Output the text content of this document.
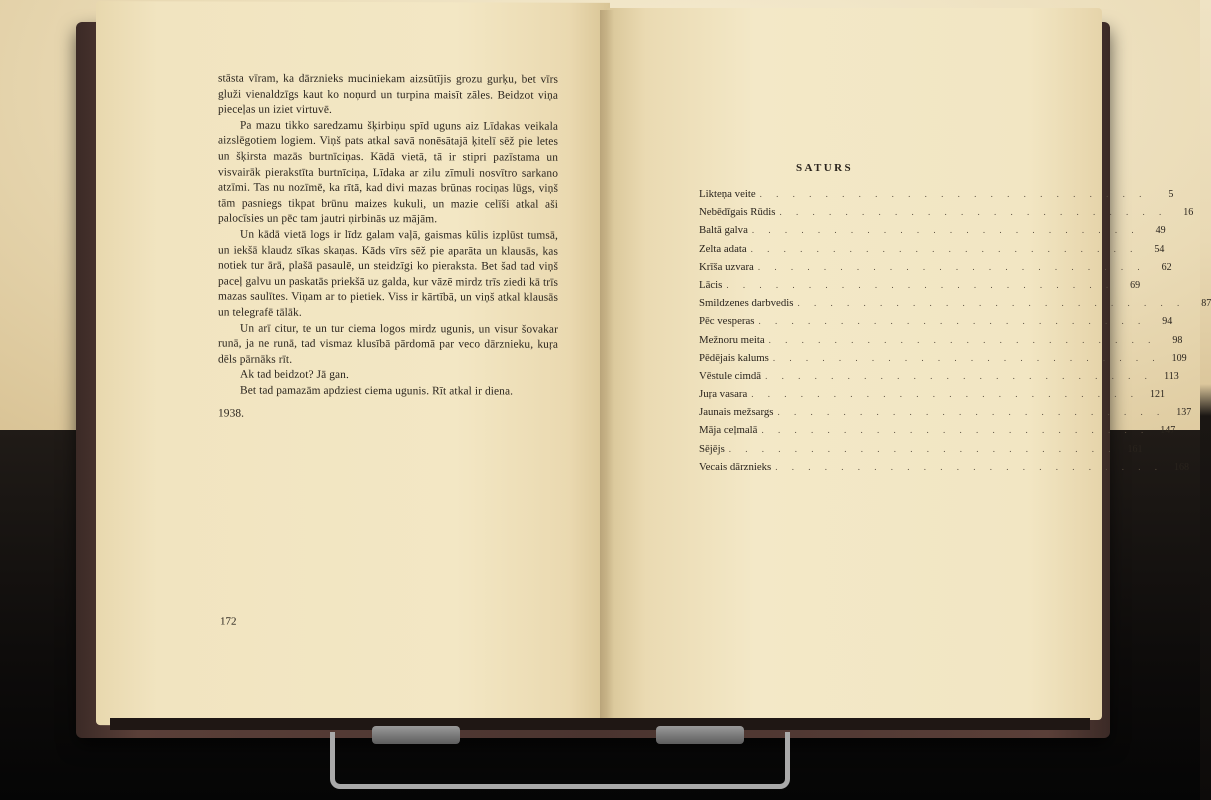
stāsta vīram, ka dārznieks muciniekam aizsūtījis grozu gurķu, bet vīrs gluži vienaldzīgs kaut ko noņurd un turpina maisīt zāles. Beidzot viņa pieceļas un iziet virtuvē.

Pa mazu tikko saredzamu šķirbiņu spīd uguns aiz Līdakas veikala aizslēgotiem logiem. Viņš pats atkal savā nonēsātajā ķitelī sēž pie letes un šķirsta mazās burtnīciņas. Kādā vietā, tā ir stipri pazīstama un visvairāk pierakstīta burtnīciņa, Līdaka ar zilu zīmuli nosvītro sarkano atzīmi. Tas nu nozīmē, ka rītā, kad divi mazas brūnas rociņas lūgs, viņš tām pasniegs tikpat brūnu maizes kukuli, un mazie celīši atkal aši palocīsies un pēc tam jautri ņirbinās uz mājām.

Un kādā vietā logs ir līdz galam vaļā, gaismas kūlis izplūst tumsā, un iekšā klaudz sīkas skaņas. Kāds vīrs sēž pie aparāta un klausās, kas notiek tur ārā, plašā pasaulē, un steidzīgi ko pieraksta. Bet šad tad viņš paceļ galvu un paskatās priekšā uz galda, kur vāzē mirdz trīs ziedi kā trīs mazas saulītes. Viņam ar to pietiek. Viss ir kārtībā, un viņš atkal klausās un telegrafē tālāk.

Un arī citur, te un tur ciema logos mirdz ugunis, un visur šovakar runā, ja ne runā, tad vismaz klusībā pārdomā par veco dārznieku, kuŗa dēls pārnāks rīt.

Ak tad beidzot? Jā gan.

Bet tad pamazām apdziest ciema ugunis. Rīt atkal ir diena.

1938.

172
SATURS
Likteņa veite . . . . . . . . . . . . . . . . . . . . . . . .	5
Nebēdīgais Rūdis . . . . . . . . . . . . . . . . . . . . . . . .	16
Baltā galva . . . . . . . . . . . . . . . . . . . . . . . .	49
Zelta adata . . . . . . . . . . . . . . . . . . . . . . . .	54
Krīša uzvara . . . . . . . . . . . . . . . . . . . . . . . .	62
Lācis . . . . . . . . . . . . . . . . . . . . . . . .	69
Smildzenes darbvedis . . . . . . . . . . . . . . . . . . . . . . . .	87
Pēc vesperas . . . . . . . . . . . . . . . . . . . . . . . .	94
Mežnoru meita . . . . . . . . . . . . . . . . . . . . . . . .	98
Pēdējais kalums . . . . . . . . . . . . . . . . . . . . . . . .	109
Vēstule cimdā . . . . . . . . . . . . . . . . . . . . . . . .	113
Juŗa vasara . . . . . . . . . . . . . . . . . . . . . . . .	121
Jaunais mežsargs . . . . . . . . . . . . . . . . . . . . . . . .	137
Māja ceļmalā . . . . . . . . . . . . . . . . . . . . . . . .	147
Sējējs . . . . . . . . . . . . . . . . . . . . . . . .	161
Vecais dārznieks . . . . . . . . . . . . . . . . . . . . . . . .	168
